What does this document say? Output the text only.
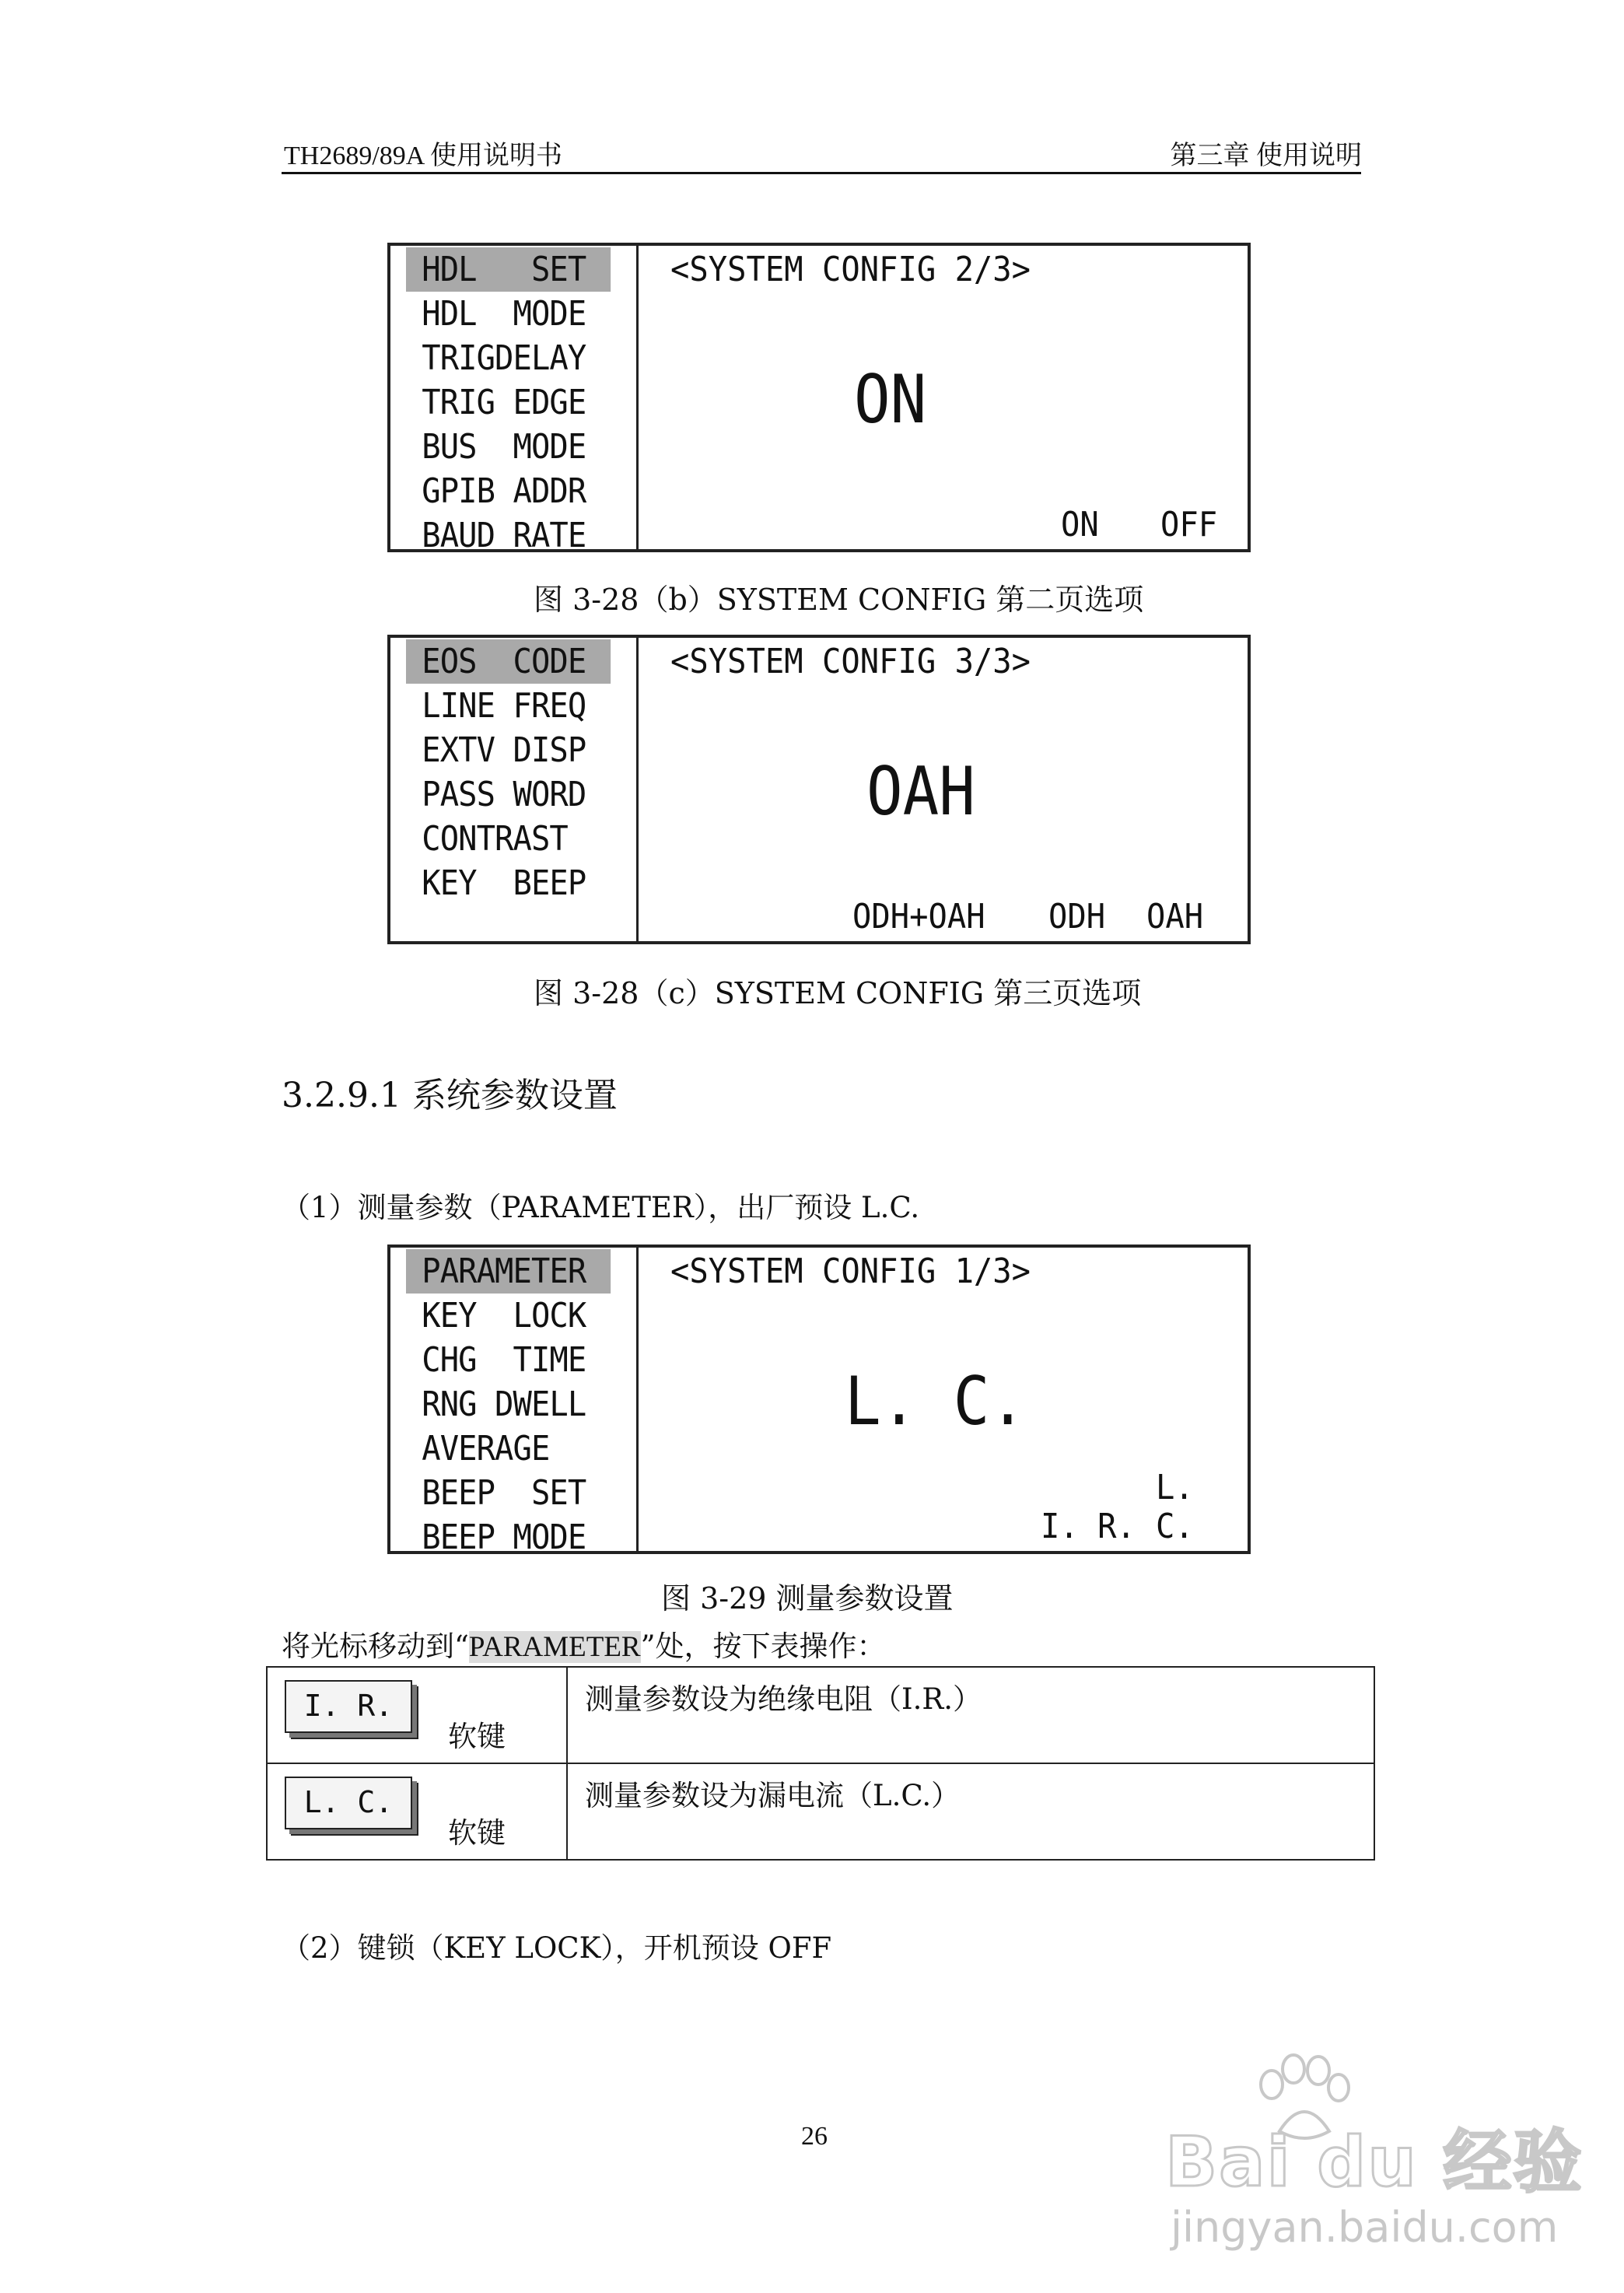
TH2689/89A 使用说明书	第三章 使用说明
HDL   SET
HDL  MODE
TRIGDELAY
TRIG EDGE
BUS  MODE
GPIB ADDR
BAUD RATE
<SYSTEM CONFIG 2/3>
ON
ON OFF
图 3-28（b）SYSTEM CONFIG 第二页选项
EOS  CODE
LINE FREQ
EXTV DISP
PASS WORD
CONTRAST
KEY  BEEP
<SYSTEM CONFIG 3/3>
OAH
ODH+OAH ODH OAH
图 3-28（c）SYSTEM CONFIG 第三页选项
3.2.9.1 系统参数设置
（1）测量参数（PARAMETER），出厂预设 L.C.
PARAMETER
KEY  LOCK
CHG  TIME
RNG DWELL
AVERAGE
BEEP  SET
BEEP MODE
<SYSTEM CONFIG 1/3>
L. C.
I. R.
L. C.
图 3-29 测量参数设置
将光标移动到“PARAMETER”处，按下表操作：
I. R.
软键	测量参数设为绝缘电阻（I.R.）

L. C.
软键	测量参数设为漏电流（L.C.）
（2）键锁（KEY LOCK），开机预设 OFF
26	Bai du 经验
jingyan.baidu.com
